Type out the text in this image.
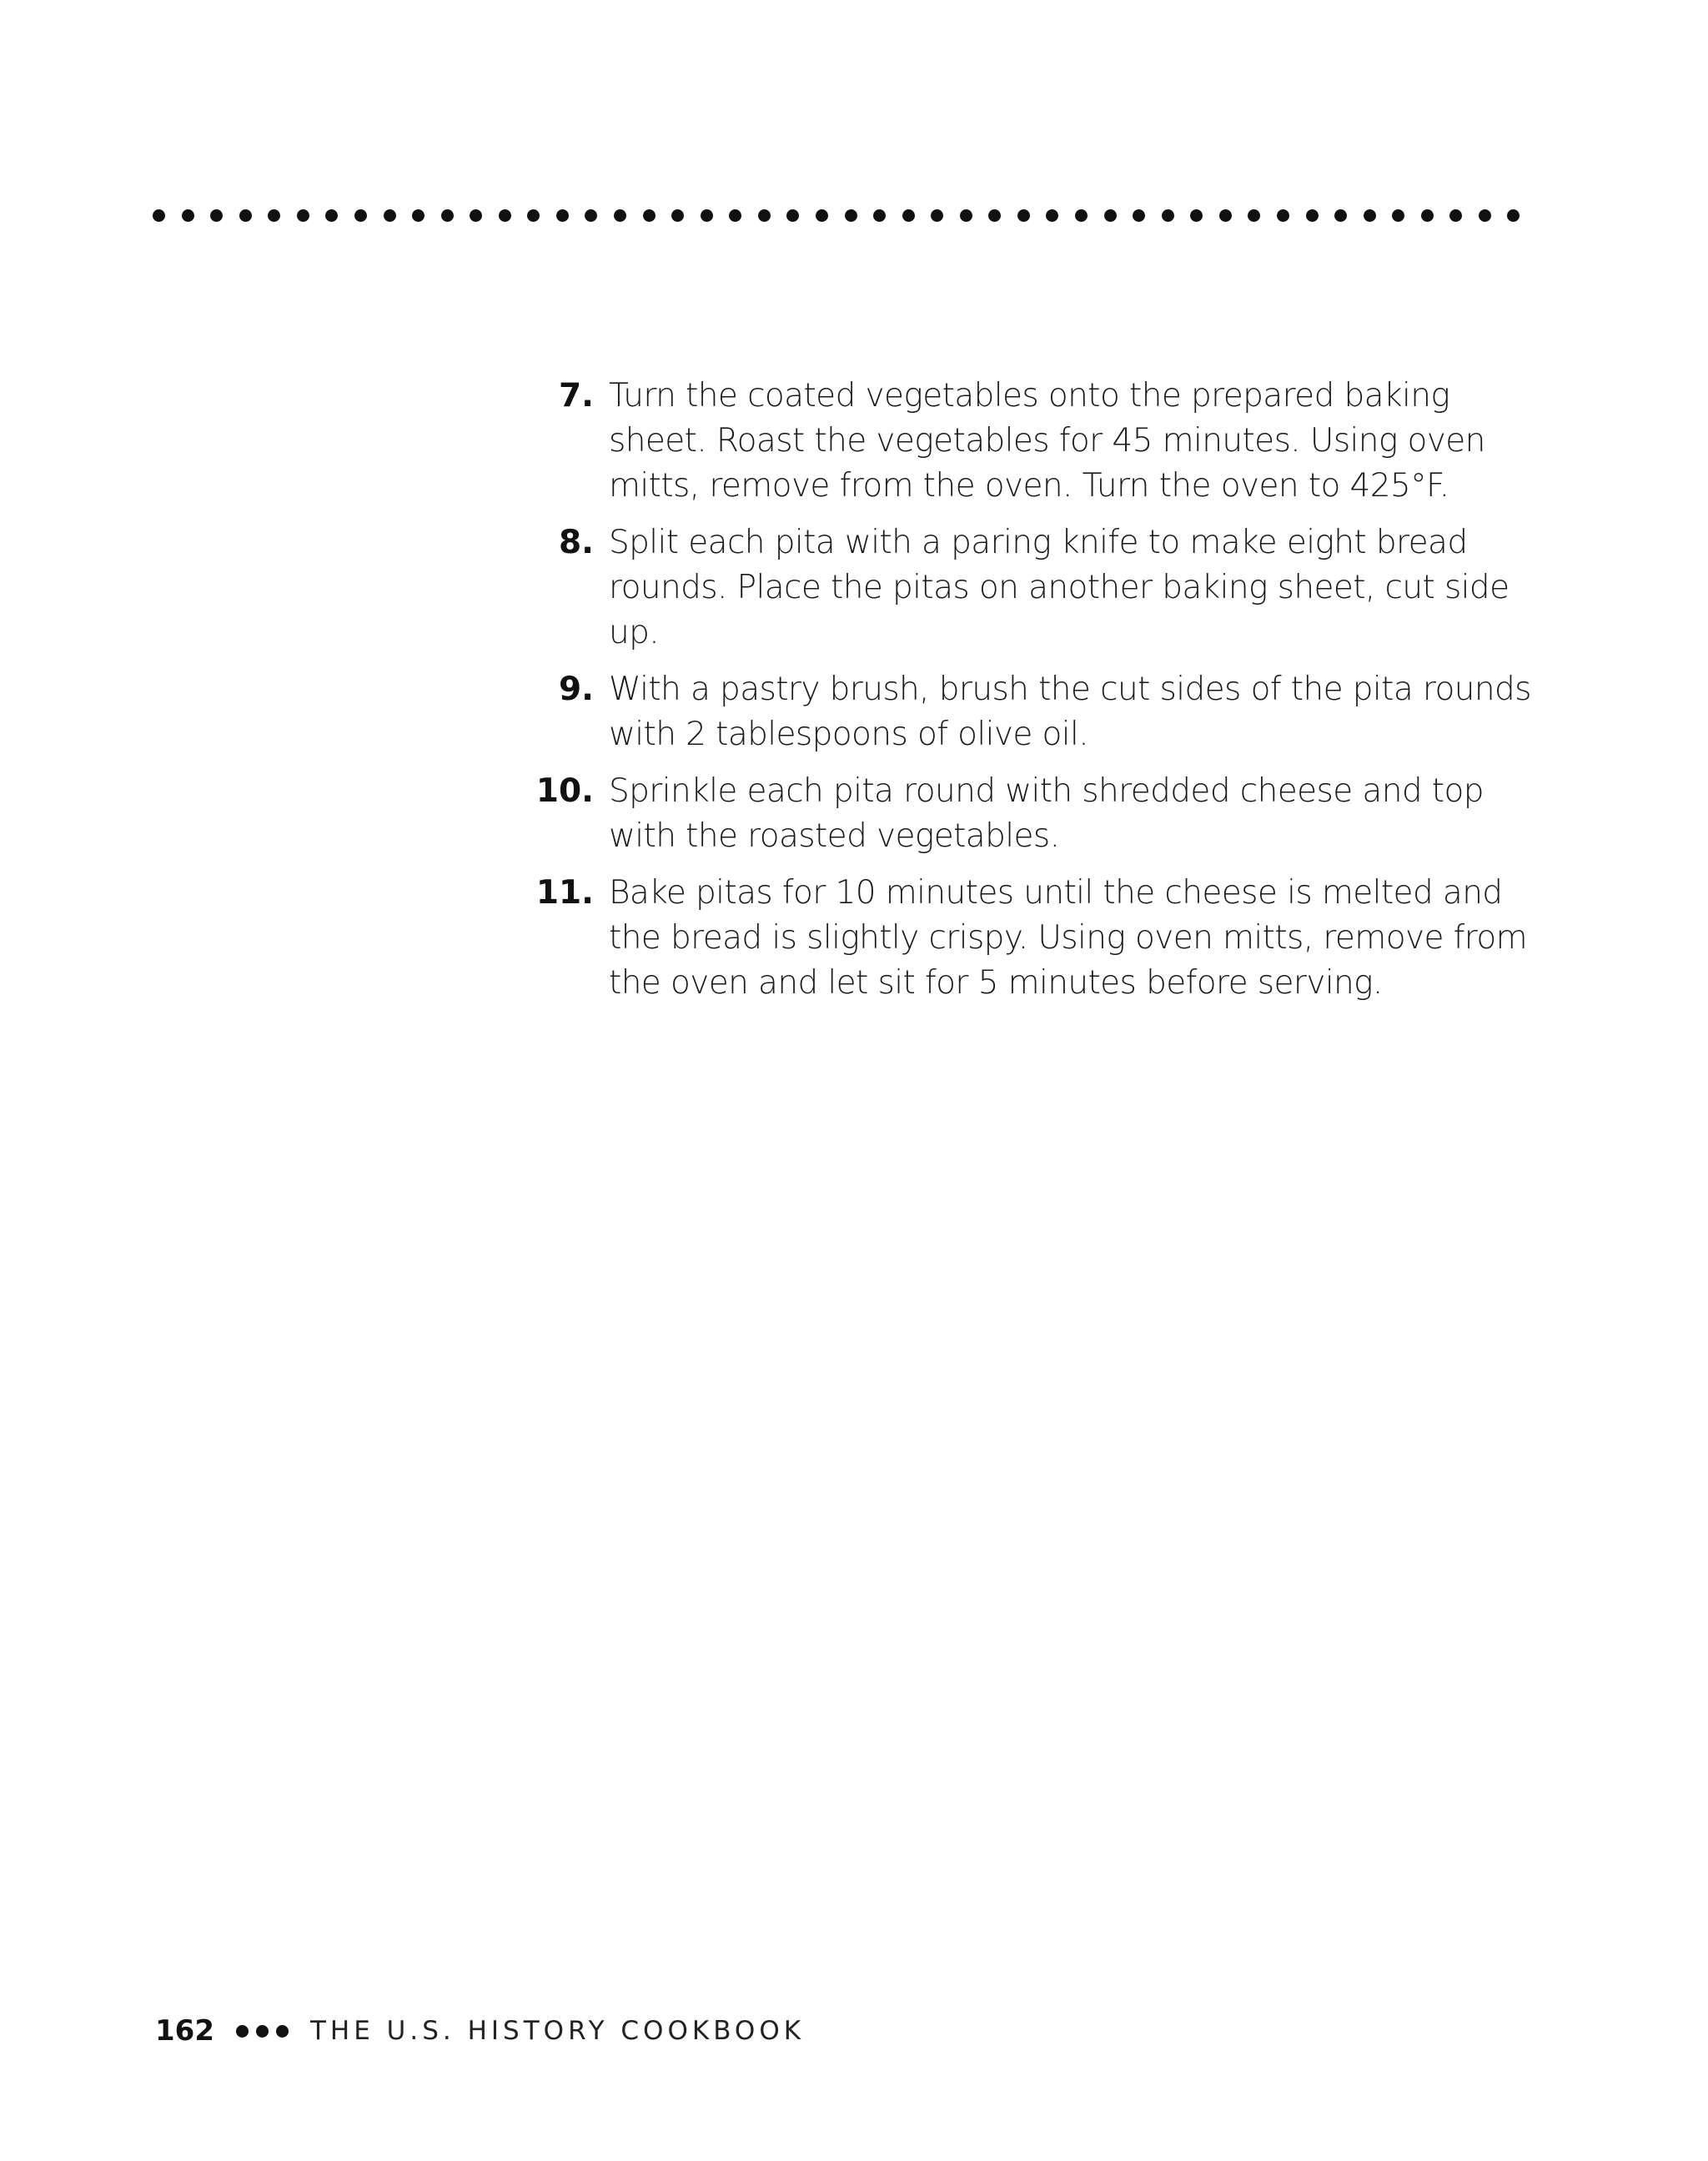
7. Turn the coated vegetables onto the prepared baking sheet. Roast the vegetables for 45 minutes. Using oven mitts, remove from the oven. Turn the oven to 425°F.
8. Split each pita with a paring knife to make eight bread rounds. Place the pitas on another baking sheet, cut side up.
9. With a pastry brush, brush the cut sides of the pita rounds with 2 tablespoons of olive oil.
10. Sprinkle each pita round with shredded cheese and top with the roasted vegetables.
11. Bake pitas for 10 minutes until the cheese is melted and the bread is slightly crispy. Using oven mitts, remove from the oven and let sit for 5 minutes before serving.
162	THE U.S. HISTORY COOKBOOK
